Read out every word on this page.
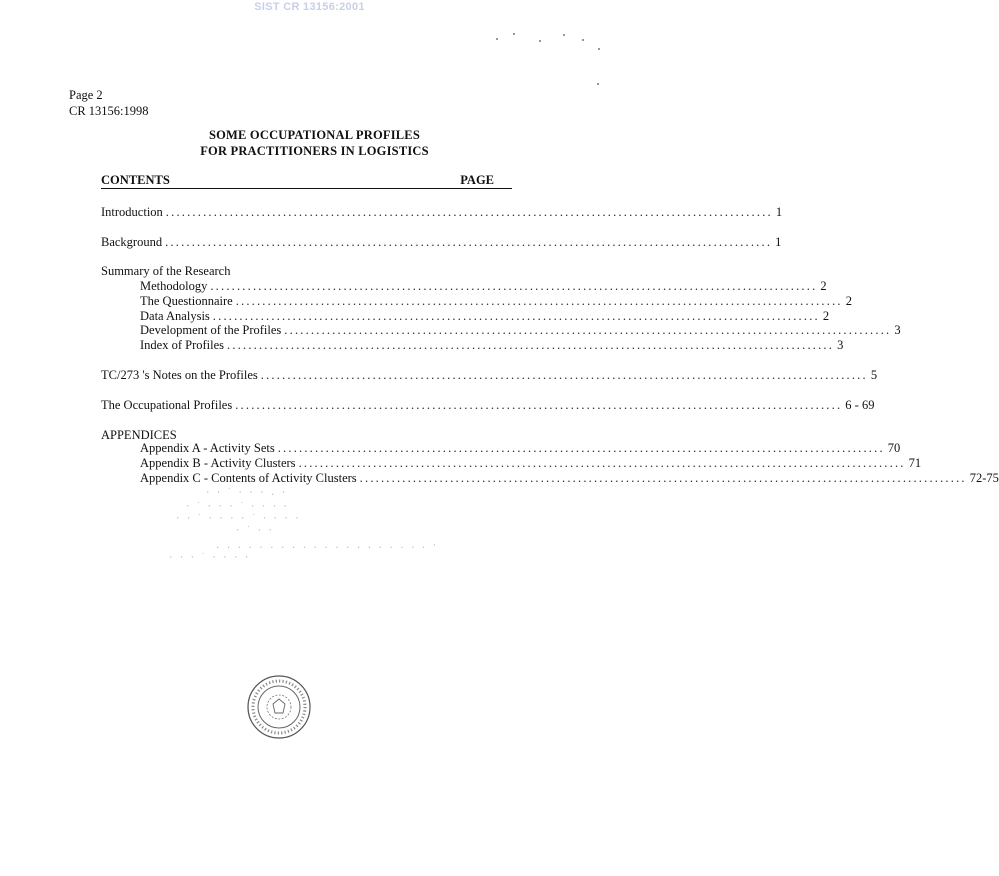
SIST CR 13156:2001
Page 2
CR 13156:1998
SOME OCCUPATIONAL PROFILES
FOR PRACTITIONERS IN LOGISTICS
CONTENTS	PAGE
Introduction .................................................................................................................. 1
Background .................................................................................................................. 1
Summary of the Research
Methodology .................................................................................................................. 2
The Questionnaire .................................................................................................................. 2
Data Analysis .................................................................................................................. 2
Development of the Profiles .................................................................................................................. 3
Index of Profiles .................................................................................................................. 3
TC/273 's Notes on the Profiles .................................................................................................................. 5
The Occupational Profiles .................................................................................................................. 6 - 69
APPENDICES
Appendix A - Activity Sets .................................................................................................................. 70
Appendix B - Activity Clusters .................................................................................................................. 71
Appendix C - Contents of Activity Clusters .................................................................................................................. 72-75
· · ˙ · · · . ·
· ˙ · · · ˙ · · · ·
· · ˙ · · · · ˙ · · · ·
· ˙ · ·
. . . . . . . . . . . . . . . . . . . . ·
· · · ˙ · · · ·
